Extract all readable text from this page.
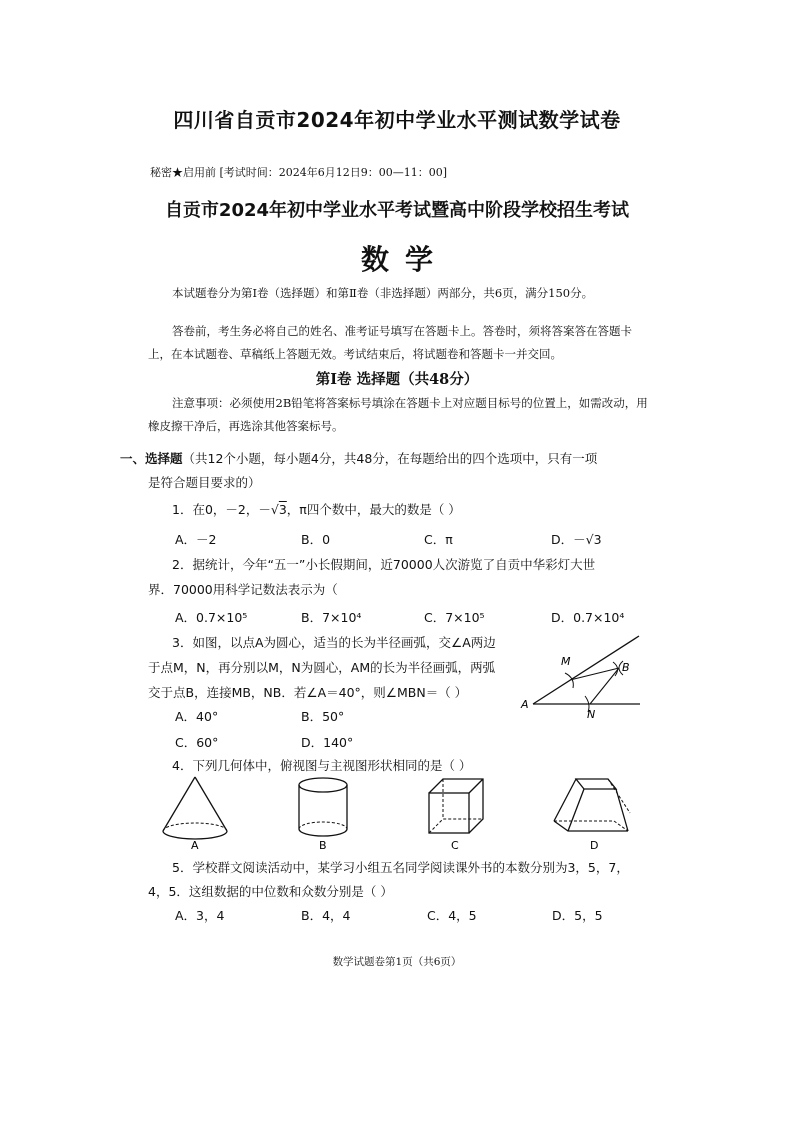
四川省自贡市2024年初中学业水平测试数学试卷
秘密★启用前 [考试时间：2024年6月12日9：00—11：00]
自贡市2024年初中学业水平考试暨高中阶段学校招生考试
数学
本试题卷分为第Ⅰ卷（选择题）和第Ⅱ卷（非选择题）两部分，共6页，满分150分。
答卷前，考生务必将自己的姓名、准考证号填写在答题卡上。答卷时，须将答案答在答题卡上，在本试题卷、草稿纸上答题无效。考试结束后，将试题卷和答题卡一并交回。
第Ⅰ卷 选择题（共48分）
注意事项：必须使用2B铅笔将答案标号填涂在答题卡上对应题目标号的位置上，如需改动，用橡皮擦干净后，再选涂其他答案标号。
一、选择题（共12个小题，每小题4分，共48分，在每题给出的四个选项中，只有一项
是符合题目要求的）
1．在0，－2，－√3，π四个数中，最大的数是（ ）
A．－2	B．0	C．π	D．－√3
2．据统计，今年“五一”小长假期间，近70000人次游览了自贡中华彩灯大世
界．70000用科学记数法表示为（
A．0.7×10⁵	B．7×10⁴	C．7×10⁵	D．0.7×10⁴
3．如图，以点A为圆心，适当的长为半径画弧，交∠A两边
于点M，N，再分别以M，N为圆心，AM的长为半径画弧，两弧
交于点B，连接MB，NB．若∠A＝40°，则∠MBN＝（ ）
A．40°	B．50°
C．60°	D．140°
A
M
N
B
4．下列几何体中，俯视图与主视图形状相同的是（ ）
A	B	C	D
5．学校群文阅读活动中，某学习小组五名同学阅读课外书的本数分别为3，5，7，
4，5．这组数据的中位数和众数分别是（ ）
A．3，4	B．4，4	C．4，5	D．5，5
数学试题卷第1页（共6页）
